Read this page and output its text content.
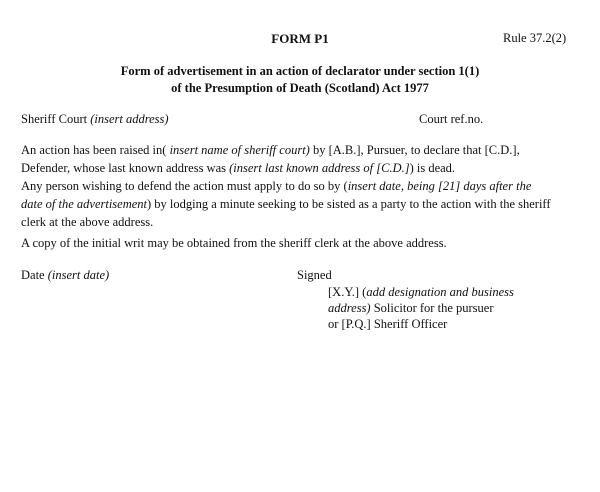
FORM P1	Rule 37.2(2)
Form of advertisement in an action of declarator under section 1(1)
of the Presumption of Death (Scotland) Act 1977
Sheriff Court (insert address)	Court ref.no.
An action has been raised in( insert name of sheriff court) by [A.B.], Pursuer, to declare that [C.D.],
Defender, whose last known address was (insert last known address of [C.D.]) is dead.
Any person wishing to defend the action must apply to do so by (insert date, being [21] days after the
date of the advertisement) by lodging a minute seeking to be sisted as a party to the action with the sheriff
clerk at the above address.
A copy of the initial writ may be obtained from the sheriff clerk at the above address.
Date (insert date)	Signed
[X.Y.] (add designation and business
address) Solicitor for the pursuer
or [P.Q.] Sheriff Officer
